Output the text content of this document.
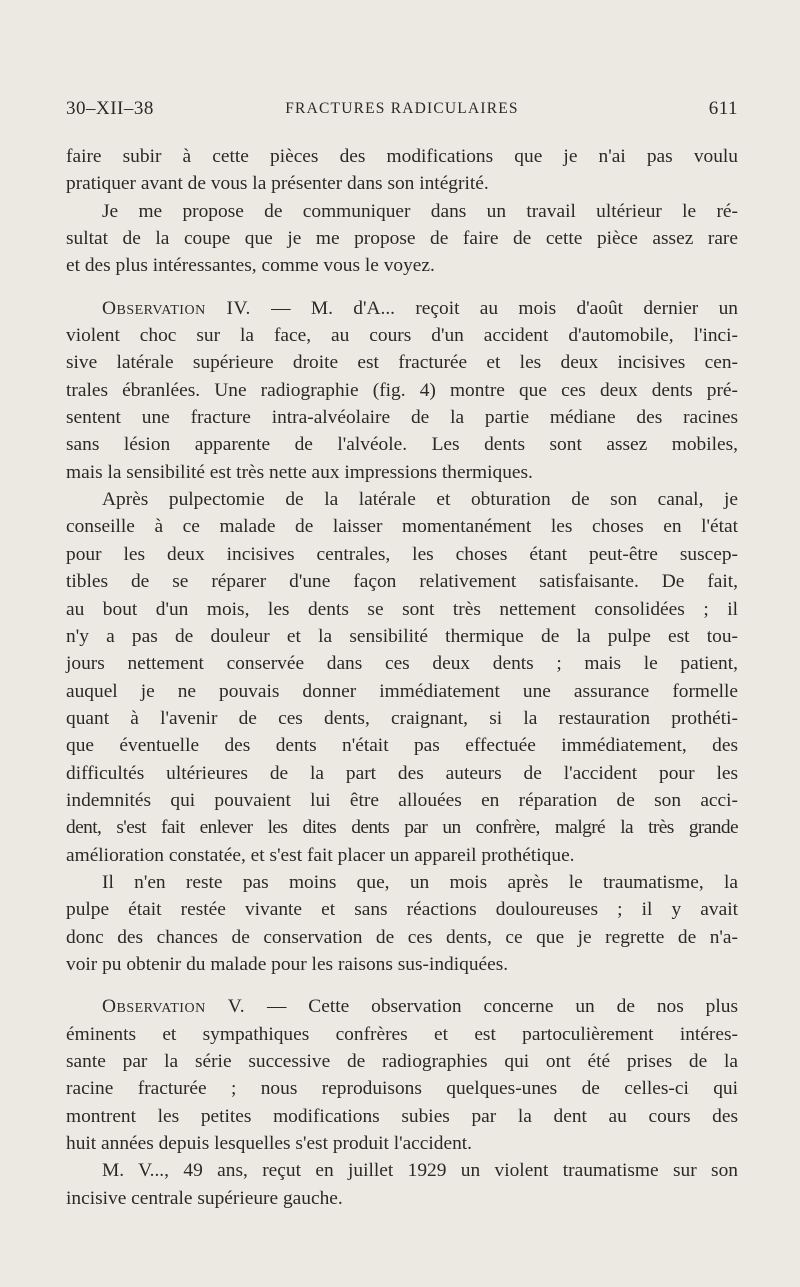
30–XII–38	FRACTURES RADICULAIRES	611
faire subir à cette pièces des modifications que je n'ai pas voulu
pratiquer avant de vous la présenter dans son intégrité.
Je me propose de communiquer dans un travail ultérieur le ré-
sultat de la coupe que je me propose de faire de cette pièce assez rare
et des plus intéressantes, comme vous le voyez.
Observation IV. — M. d'A... reçoit au mois d'août dernier un
violent choc sur la face, au cours d'un accident d'automobile, l'inci-
sive latérale supérieure droite est fracturée et les deux incisives cen-
trales ébranlées. Une radiographie (fig. 4) montre que ces deux dents pré-
sentent une fracture intra-alvéolaire de la partie médiane des racines
sans lésion apparente de l'alvéole. Les dents sont assez mobiles,
mais la sensibilité est très nette aux impressions thermiques.
Après pulpectomie de la latérale et obturation de son canal, je
conseille à ce malade de laisser momentanément les choses en l'état
pour les deux incisives centrales, les choses étant peut-être suscep-
tibles de se réparer d'une façon relativement satisfaisante. De fait,
au bout d'un mois, les dents se sont très nettement consolidées ; il
n'y a pas de douleur et la sensibilité thermique de la pulpe est tou-
jours nettement conservée dans ces deux dents ; mais le patient,
auquel je ne pouvais donner immédiatement une assurance formelle
quant à l'avenir de ces dents, craignant, si la restauration prothéti-
que éventuelle des dents n'était pas effectuée immédiatement, des
difficultés ultérieures de la part des auteurs de l'accident pour les
indemnités qui pouvaient lui être allouées en réparation de son acci-
dent, s'est fait enlever les dites dents par un confrère, malgré la très grande
amélioration constatée, et s'est fait placer un appareil prothétique.
Il n'en reste pas moins que, un mois après le traumatisme, la
pulpe était restée vivante et sans réactions douloureuses ; il y avait
donc des chances de conservation de ces dents, ce que je regrette de n'a-
voir pu obtenir du malade pour les raisons sus-indiquées.
Observation V. — Cette observation concerne un de nos plus
éminents et sympathiques confrères et est partoculièrement intéres-
sante par la série successive de radiographies qui ont été prises de la
racine fracturée ; nous reproduisons quelques-unes de celles-ci qui
montrent les petites modifications subies par la dent au cours des
huit années depuis lesquelles s'est produit l'accident.
M. V..., 49 ans, reçut en juillet 1929 un violent traumatisme sur son
incisive centrale supérieure gauche.
